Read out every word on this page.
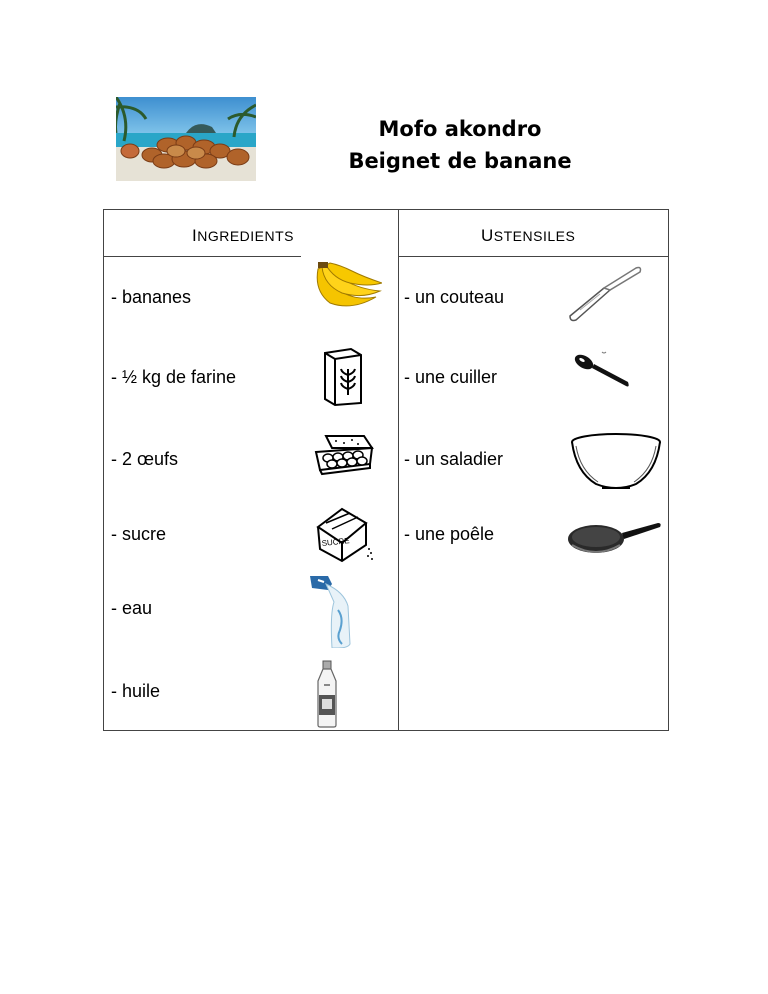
Mofo akondro
Beignet de banane
INGREDIENTS	USTENSILES
- bananes
- ½ kg de farine
- 2 œufs
- sucre	SUCRE
- eau
- huile
- un couteau
- une cuiller
- un saladier
- une poêle
